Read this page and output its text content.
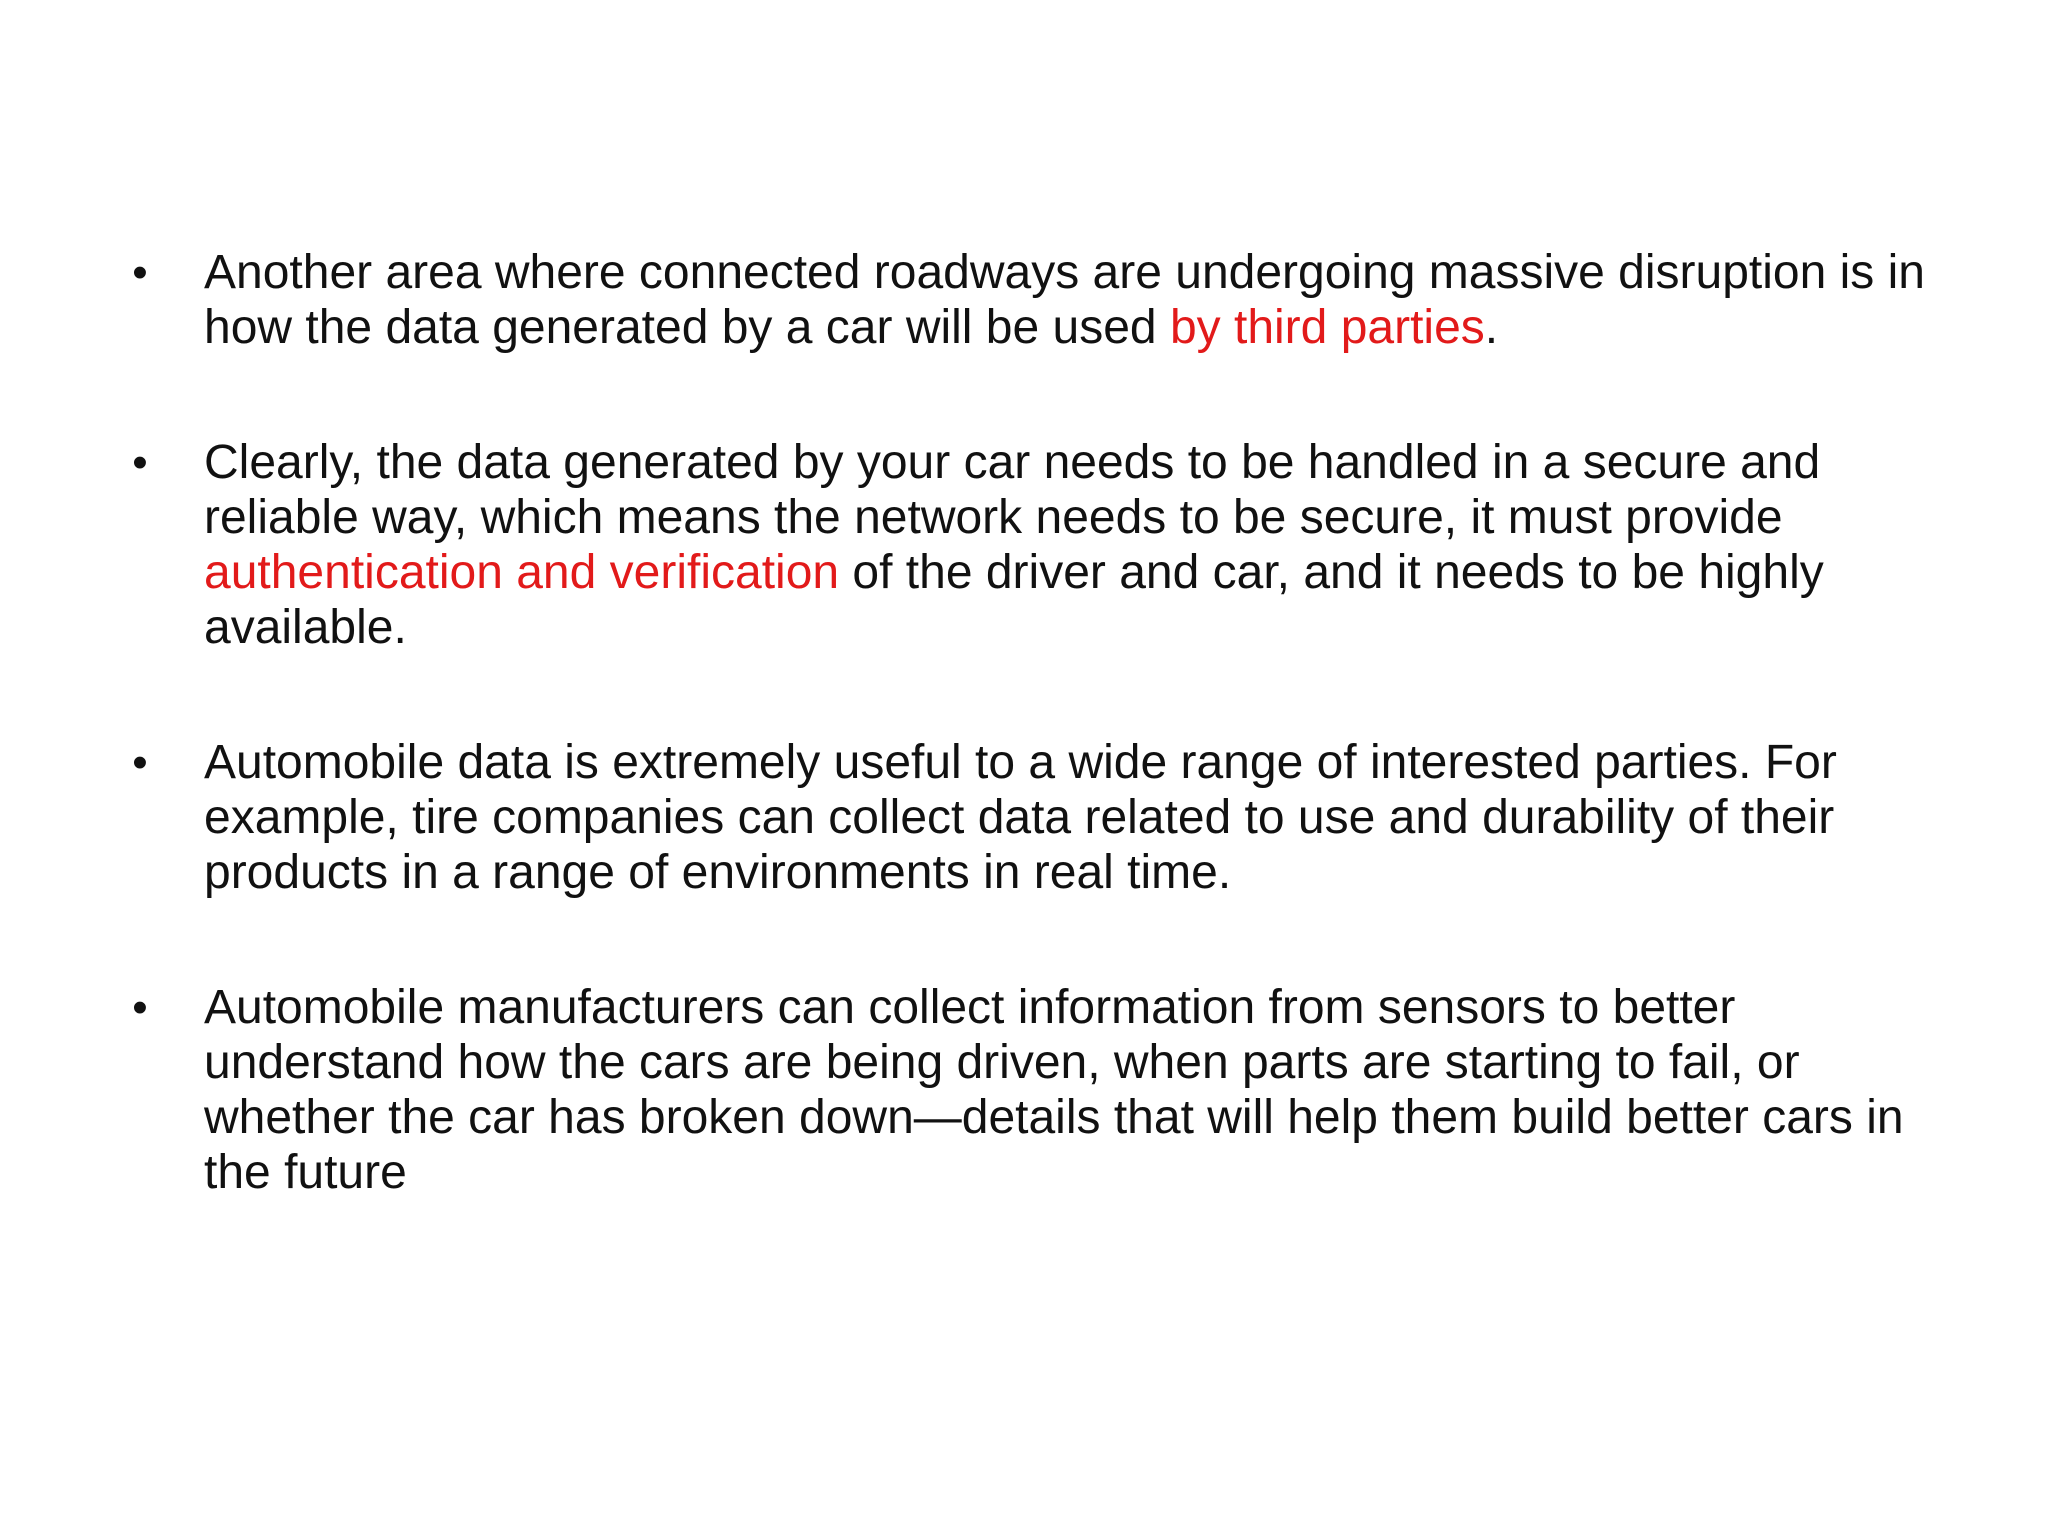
• Another area where connected roadways are undergoing massive disruption is in how the data generated by a car will be used by third parties.
• Clearly, the data generated by your car needs to be handled in a secure and reliable way, which means the network needs to be secure, it must provide authentication and verification of the driver and car, and it needs to be highly available.
• Automobile data is extremely useful to a wide range of interested parties. For example, tire companies can collect data related to use and durability of their products in a range of environments in real time.
• Automobile manufacturers can collect information from sensors to better understand how the cars are being driven, when parts are starting to fail, or whether the car has broken down—details that will help them build better cars in the future
